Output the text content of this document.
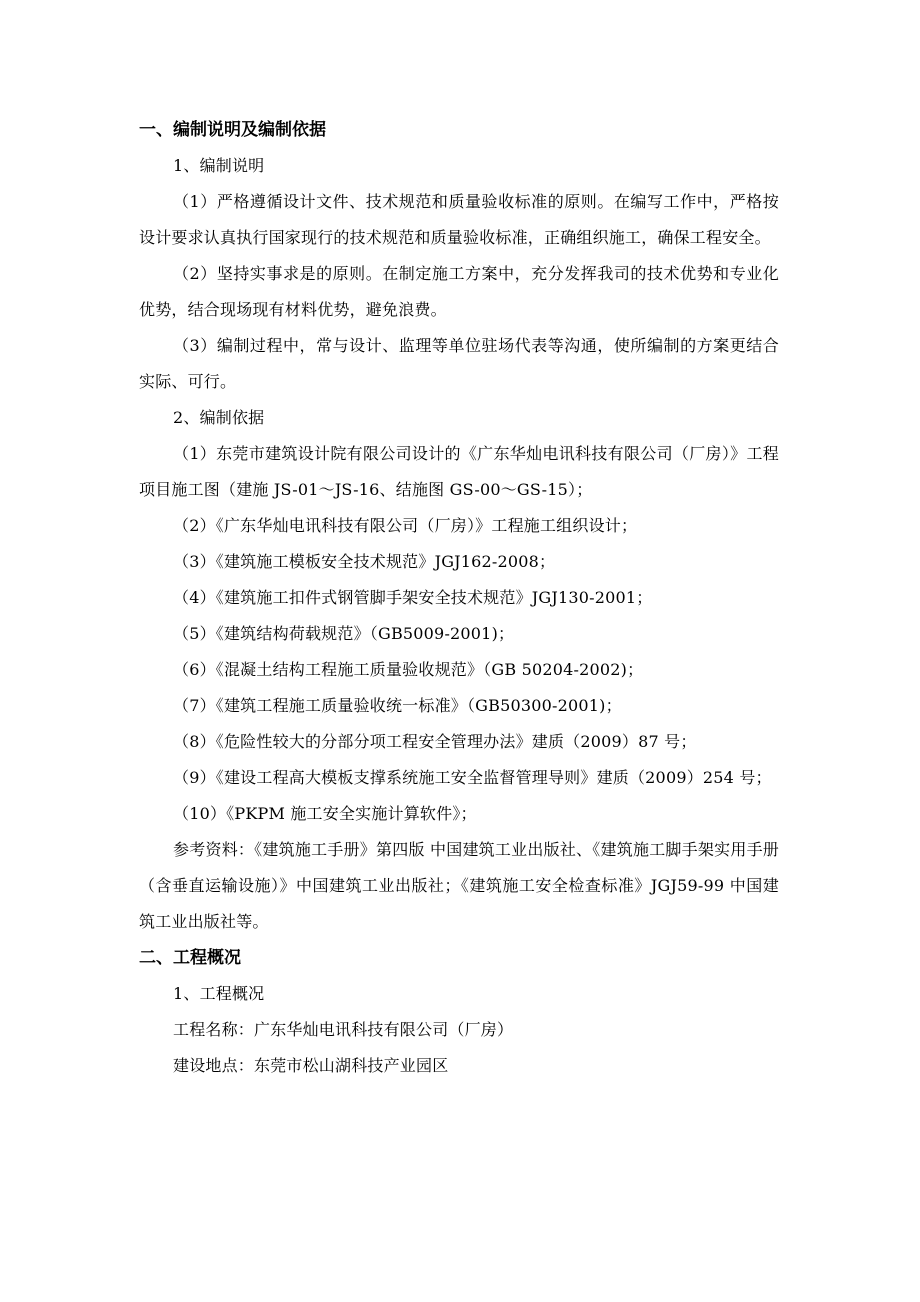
一、编制说明及编制依据
1、编制说明
（1）严格遵循设计文件、技术规范和质量验收标准的原则。在编写工作中，严格按设计要求认真执行国家现行的技术规范和质量验收标准，正确组织施工，确保工程安全。
（2）坚持实事求是的原则。在制定施工方案中，充分发挥我司的技术优势和专业化优势，结合现场现有材料优势，避免浪费。
（3）编制过程中，常与设计、监理等单位驻场代表等沟通，使所编制的方案更结合实际、可行。
2、编制依据
（1）东莞市建筑设计院有限公司设计的《广东华灿电讯科技有限公司（厂房）》工程项目施工图（建施 JS-01～JS-16、结施图 GS-00～GS-15）；
（2）《广东华灿电讯科技有限公司（厂房）》工程施工组织设计；
（3）《建筑施工模板安全技术规范》JGJ162-2008；
（4）《建筑施工扣件式钢管脚手架安全技术规范》JGJ130-2001；
（5）《建筑结构荷载规范》（GB5009-2001)；
（6）《混凝土结构工程施工质量验收规范》（GB 50204-2002)；
（7）《建筑工程施工质量验收统一标准》（GB50300-2001)；
（8）《危险性较大的分部分项工程安全管理办法》建质（2009）87 号；
（9）《建设工程高大模板支撑系统施工安全监督管理导则》建质（2009）254 号；
（10）《PKPM 施工安全实施计算软件》；
参考资料：《建筑施工手册》第四版 中国建筑工业出版社、《建筑施工脚手架实用手册（含垂直运输设施）》中国建筑工业出版社；《建筑施工安全检查标准》JGJ59-99 中国建筑工业出版社等。
二、工程概况
1、工程概况
工程名称：广东华灿电讯科技有限公司（厂房）
建设地点：东莞市松山湖科技产业园区
